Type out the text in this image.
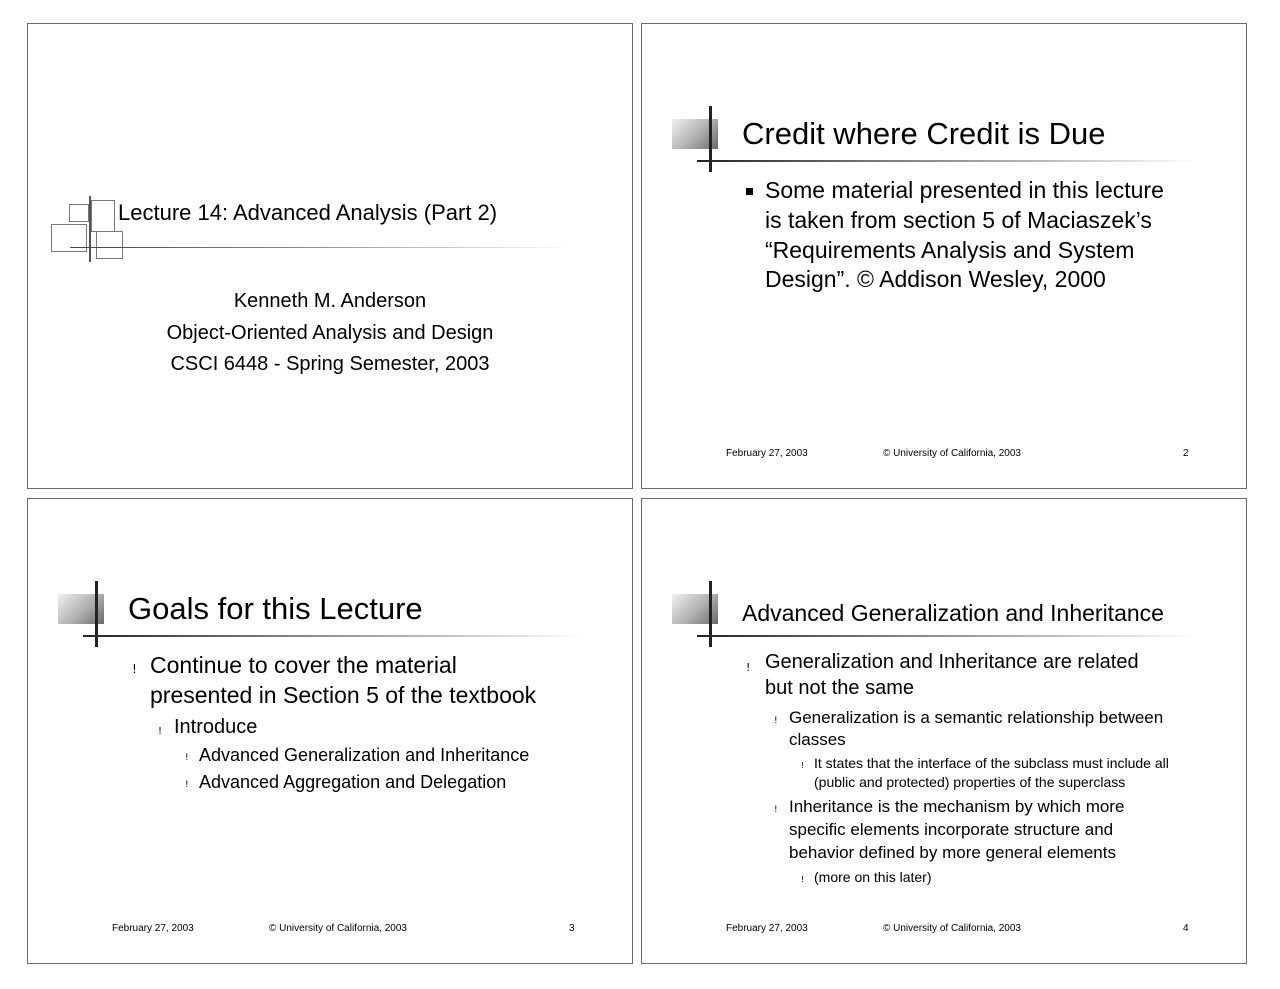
Lecture 14: Advanced Analysis (Part 2)
Kenneth M. Anderson
Object-Oriented Analysis and Design
CSCI 6448 - Spring Semester, 2003
Credit where Credit is Due
Some material presented in this lecture
is taken from section 5 of Maciaszek’s
“Requirements Analysis and System
Design”. © Addison Wesley, 2000
February 27, 2003	© University of California, 2003	2
Goals for this Lecture
! Continue to cover the material
presented in Section 5 of the textbook
! Introduce
! Advanced Generalization and Inheritance
! Advanced Aggregation and Delegation
February 27, 2003	© University of California, 2003	3
Advanced Generalization and Inheritance
! Generalization and Inheritance are related
but not the same
! Generalization is a semantic relationship between
classes
! It states that the interface of the subclass must include all
(public and protected) properties of the superclass
! Inheritance is the mechanism by which more
specific elements incorporate structure and
behavior defined by more general elements
! (more on this later)
February 27, 2003	© University of California, 2003	4
